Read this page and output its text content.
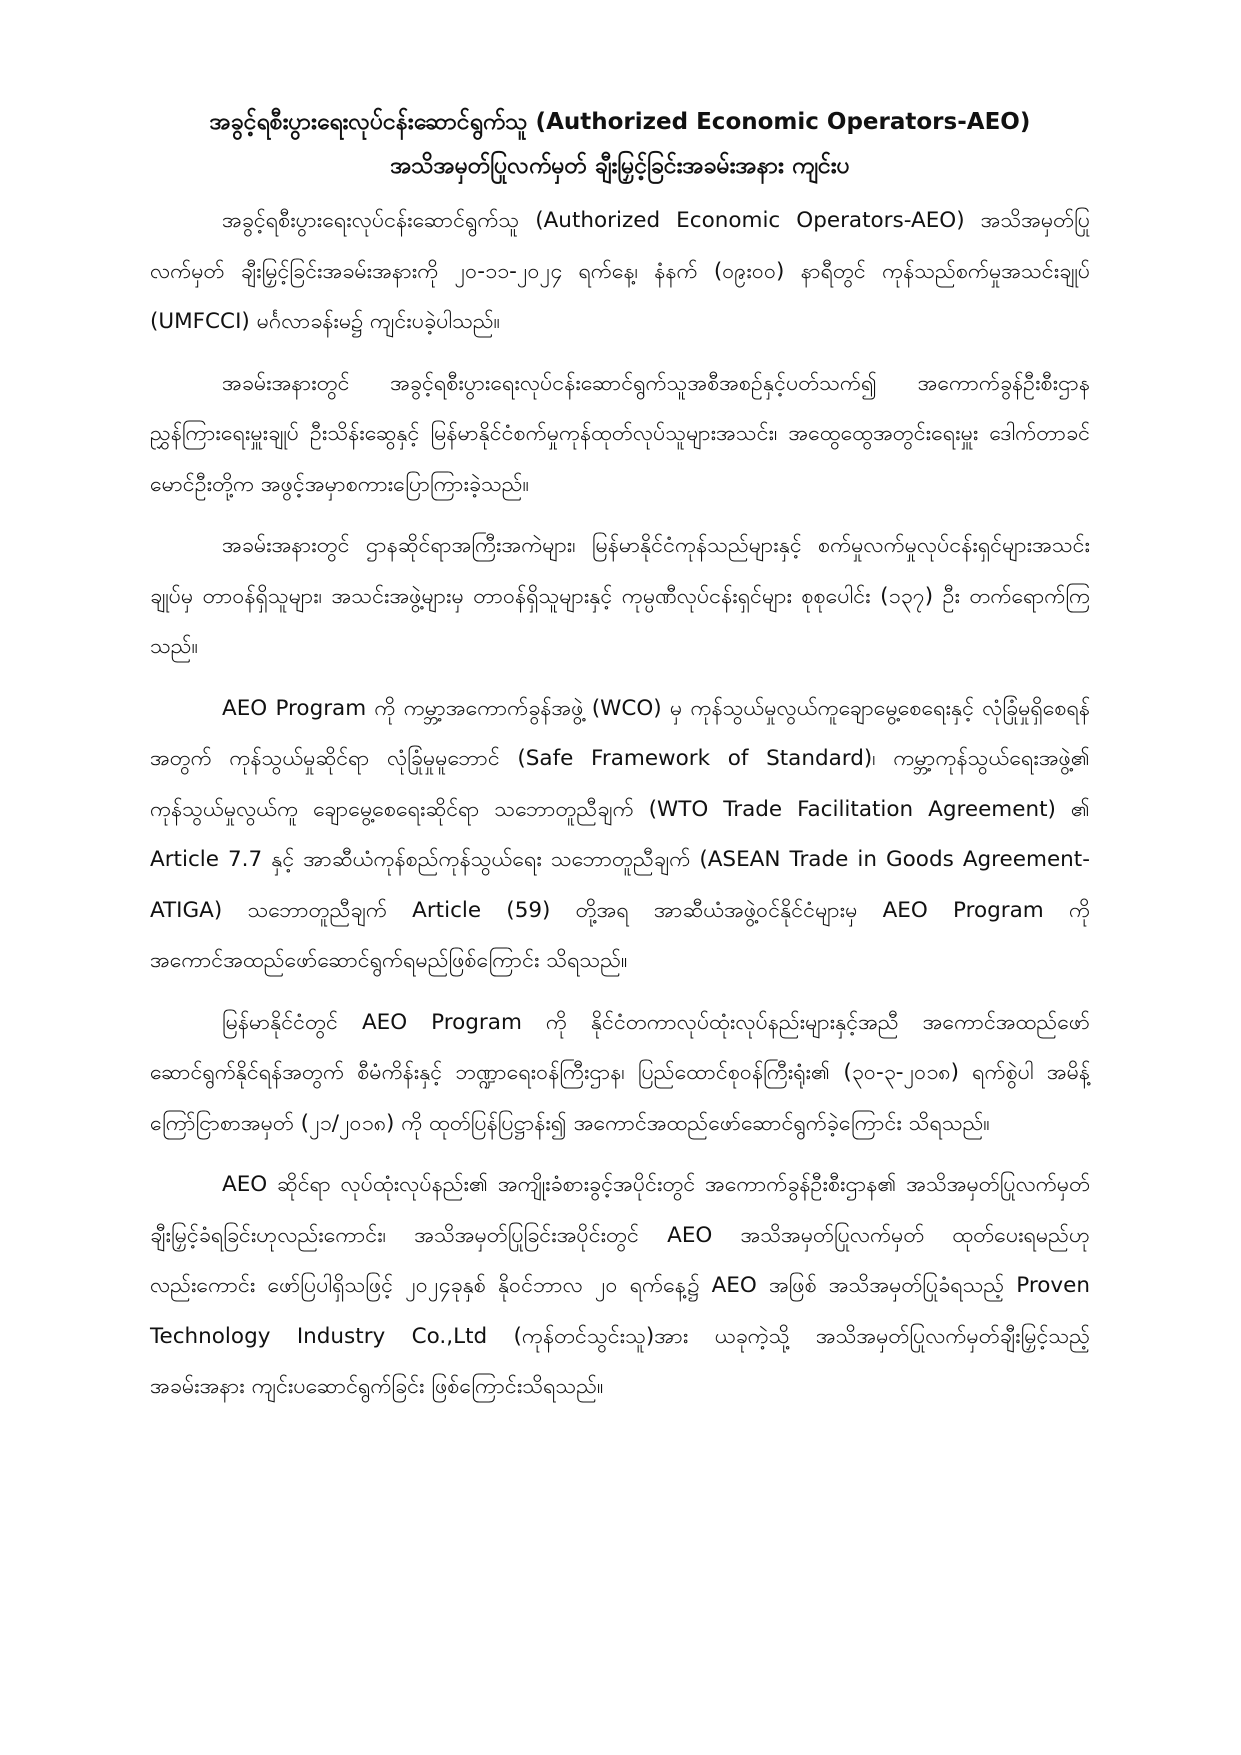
အခွင့်ရစီးပွားရေးလုပ်ငန်းဆောင်ရွက်သူ (Authorized Economic Operators-AEO)
အသိအမှတ်ပြုလက်မှတ် ချီးမြှင့်ခြင်းအခမ်းအနား ကျင်းပ

အခွင့်ရစီးပွားရေးလုပ်ငန်းဆောင်ရွက်သူ (Authorized Economic Operators-AEO) အသိအမှတ်ပြုလက်မှတ် ချီးမြှင့်ခြင်းအခမ်းအနားကို ၂၀-၁၁-၂၀၂၄ ရက်နေ့၊ နံနက် (၀၉း၀၀) နာရီတွင် ကုန်သည်စက်မှုအသင်းချုပ် (UMFCCI) မင်္ဂလာခန်းမ၌ ကျင်းပခဲ့ပါသည်။

အခမ်းအနားတွင် အခွင့်ရစီးပွားရေးလုပ်ငန်းဆောင်ရွက်သူအစီအစဉ်နှင့်ပတ်သက်၍ အကောက်ခွန်ဦးစီးဌာန ညွှန်ကြားရေးမှူးချုပ် ဦးသိန်းဆွေနှင့် မြန်မာနိုင်ငံစက်မှုကုန်ထုတ်လုပ်သူများအသင်း၊ အထွေထွေအတွင်းရေးမှူး ဒေါက်တာခင်မောင်ဦးတို့က အဖွင့်အမှာစကားပြောကြားခဲ့သည်။

အခမ်းအနားတွင် ဌာနဆိုင်ရာအကြီးအကဲများ၊ မြန်မာနိုင်ငံကုန်သည်များနှင့် စက်မှုလက်မှုလုပ်ငန်းရှင်များအသင်းချုပ်မှ တာဝန်ရှိသူများ၊ အသင်းအဖွဲ့များမှ တာဝန်ရှိသူများနှင့် ကုမ္ပဏီလုပ်ငန်းရှင်များ စုစုပေါင်း (၁၃၇) ဦး တက်ရောက်ကြသည်။

AEO Program ကို ကမ္ဘာ့အကောက်ခွန်အဖွဲ့ (WCO) မှ ကုန်သွယ်မှုလွယ်ကူချောမွေ့စေရေးနှင့် လုံခြုံမှုရှိစေရန်အတွက် ကုန်သွယ်မှုဆိုင်ရာ လုံခြုံမှုမူဘောင် (Safe Framework of Standard)၊ ကမ္ဘာ့ကုန်သွယ်ရေးအဖွဲ့၏ ကုန်သွယ်မှုလွယ်ကူ ချောမွေ့စေရေးဆိုင်ရာ သဘောတူညီချက် (WTO Trade Facilitation Agreement) ၏ Article 7.7 နှင့် အာဆီယံကုန်စည်ကုန်သွယ်ရေး သဘောတူညီချက် (ASEAN Trade in Goods Agreement-ATIGA) သဘောတူညီချက် Article (59) တို့အရ အာဆီယံအဖွဲ့ဝင်နိုင်ငံများမှ AEO Program ကို အကောင်အထည်ဖော်ဆောင်ရွက်ရမည်ဖြစ်ကြောင်း သိရသည်။

မြန်မာနိုင်ငံတွင် AEO Program ကို နိုင်ငံတကာလုပ်ထုံးလုပ်နည်းများနှင့်အညီ အကောင်အထည်ဖော် ဆောင်ရွက်နိုင်ရန်အတွက် စီမံကိန်းနှင့် ဘဏ္ဍာရေးဝန်ကြီးဌာန၊ ပြည်ထောင်စုဝန်ကြီးရုံး၏ (၃၀-၃-၂၀၁၈) ရက်စွဲပါ အမိန့်ကြော်ငြာစာအမှတ် (၂၁/၂၀၁၈) ကို ထုတ်ပြန်ပြဋ္ဌာန်း၍ အကောင်အထည်ဖော်ဆောင်ရွက်ခဲ့ကြောင်း သိရသည်။

AEO ဆိုင်ရာ လုပ်ထုံးလုပ်နည်း၏ အကျိုးခံစားခွင့်အပိုင်းတွင် အကောက်ခွန်ဦးစီးဌာန၏ အသိအမှတ်ပြုလက်မှတ် ချီးမြှင့်ခံရခြင်းဟုလည်းကောင်း၊ အသိအမှတ်ပြုခြင်းအပိုင်းတွင် AEO အသိအမှတ်ပြုလက်မှတ် ထုတ်ပေးရမည်ဟုလည်းကောင်း ဖော်ပြပါရှိသဖြင့် ၂၀၂၄ခုနှစ် နိုဝင်ဘာလ ၂၀ ရက်နေ့၌ AEO အဖြစ် အသိအမှတ်ပြုခံရသည့် Proven Technology Industry Co.,Ltd (ကုန်တင်သွင်းသူ)အား ယခုကဲ့သို့ အသိအမှတ်ပြုလက်မှတ်ချီးမြှင့်သည့် အခမ်းအနား ကျင်းပဆောင်ရွက်ခြင်း ဖြစ်ကြောင်းသိရသည်။
